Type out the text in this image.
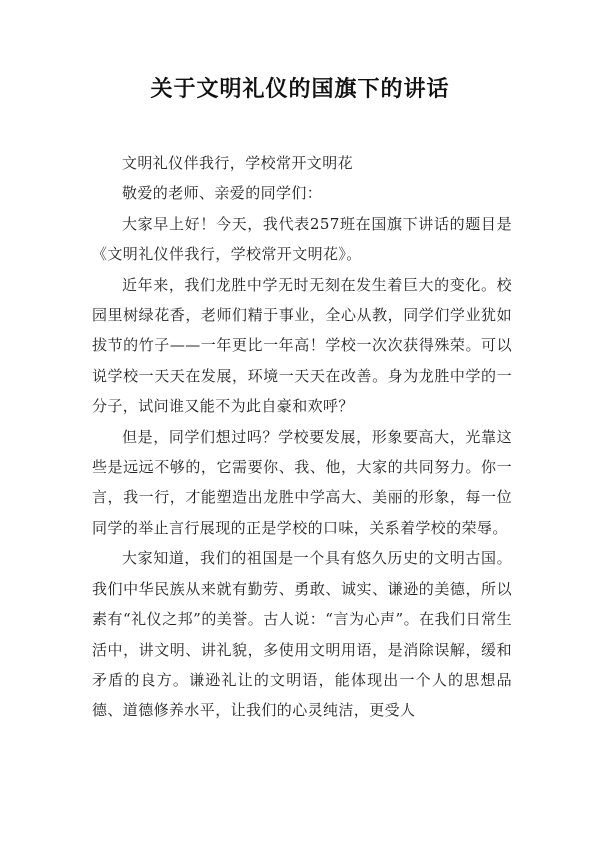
关于文明礼仪的国旗下的讲话

文明礼仪伴我行，学校常开文明花

敬爱的老师、亲爱的同学们：

大家早上好！今天，我代表257班在国旗下讲话的题目是《文明礼仪伴我行，学校常开文明花》。

近年来，我们龙胜中学无时无刻在发生着巨大的变化。校园里树绿花香，老师们精于事业，全心从教，同学们学业犹如拔节的竹子——一年更比一年高！学校一次次获得殊荣。可以说学校一天天在发展，环境一天天在改善。身为龙胜中学的一分子，试问谁又能不为此自豪和欢呼？

但是，同学们想过吗？学校要发展，形象要高大，光靠这些是远远不够的，它需要你、我、他，大家的共同努力。你一言，我一行，才能塑造出龙胜中学高大、美丽的形象，每一位同学的举止言行展现的正是学校的口味，关系着学校的荣辱。

大家知道，我们的祖国是一个具有悠久历史的文明古国。我们中华民族从来就有勤劳、勇敢、诚实、谦逊的美德，所以素有“礼仪之邦”的美誉。古人说：“言为心声”。在我们日常生活中，讲文明、讲礼貌，多使用文明用语，是消除误解，缓和矛盾的良方。谦逊礼让的文明语，能体现出一个人的思想品德、道德修养水平，让我们的心灵纯洁，更受人
